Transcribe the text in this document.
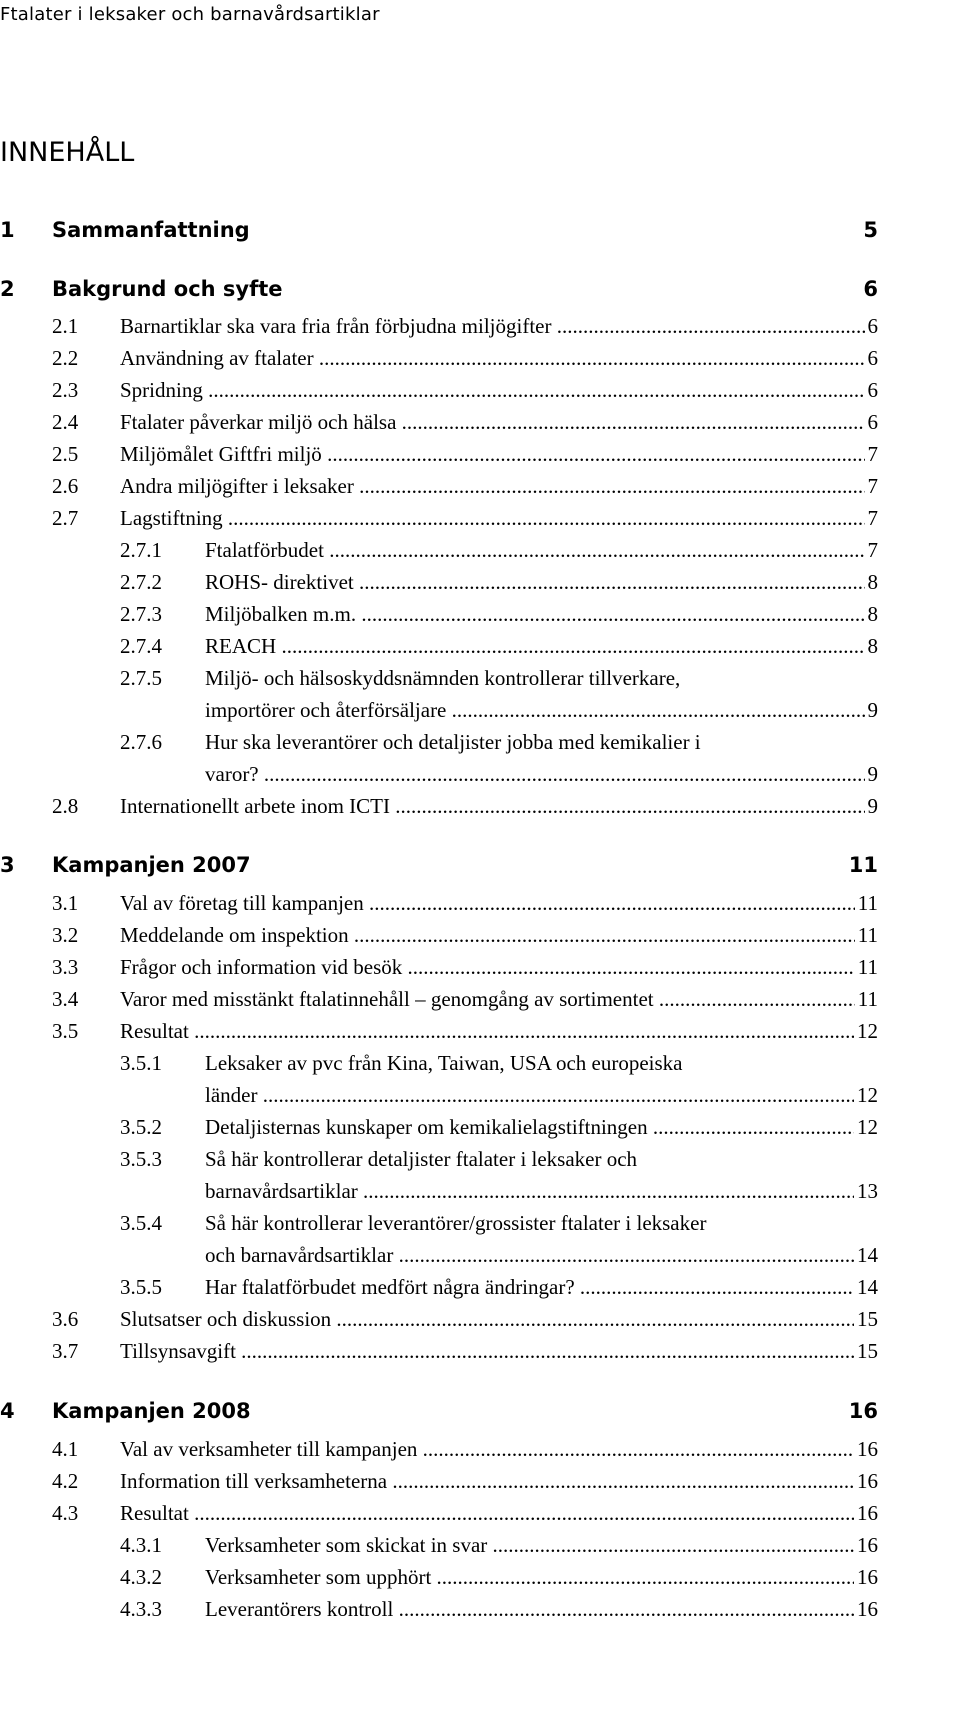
Ftalater i leksaker och barnavårdsartiklar
INNEHÅLL
1 Sammanfattning	5
2 Bakgrund och syfte	6
2.1 Barnartiklar ska vara fria från förbjudna miljögifter .....	6
2.2 Användning av ftalater .....	6
2.3 Spridning .....	6
2.4 Ftalater påverkar miljö och hälsa .....	6
2.5 Miljömålet Giftfri miljö .....	7
2.6 Andra miljögifter i leksaker .....	7
2.7 Lagstiftning .....	7
2.7.1 Ftalatförbudet .....	7
2.7.2 ROHS- direktivet .....	8
2.7.3 Miljöbalken m.m. .....	8
2.7.4 REACH .....	8
2.7.5 Miljö- och hälsoskyddsnämnden kontrollerar tillverkare,
importörer och återförsäljare .....	9
2.7.6 Hur ska leverantörer och detaljister jobba med kemikalier i
varor? .....	9
2.8 Internationellt arbete inom ICTI .....	9
3 Kampanjen 2007	11
3.1 Val av företag till kampanjen .....	11
3.2 Meddelande om inspektion .....	11
3.3 Frågor och information vid besök .....	11
3.4 Varor med misstänkt ftalatinnehåll – genomgång av sortimentet .....	11
3.5 Resultat .....	12
3.5.1 Leksaker av pvc från Kina, Taiwan, USA och europeiska
länder .....	12
3.5.2 Detaljisternas kunskaper om kemikalielagstiftningen .....	12
3.5.3 Så här kontrollerar detaljister ftalater i leksaker och
barnavårdsartiklar .....	13
3.5.4 Så här kontrollerar leverantörer/grossister ftalater i leksaker
och barnavårdsartiklar .....	14
3.5.5 Har ftalatförbudet medfört några ändringar? .....	14
3.6 Slutsatser och diskussion .....	15
3.7 Tillsynsavgift .....	15
4 Kampanjen 2008	16
4.1 Val av verksamheter till kampanjen .....	16
4.2 Information till verksamheterna .....	16
4.3 Resultat .....	16
4.3.1 Verksamheter som skickat in svar .....	16
4.3.2 Verksamheter som upphört .....	16
4.3.3 Leverantörers kontroll .....	16
